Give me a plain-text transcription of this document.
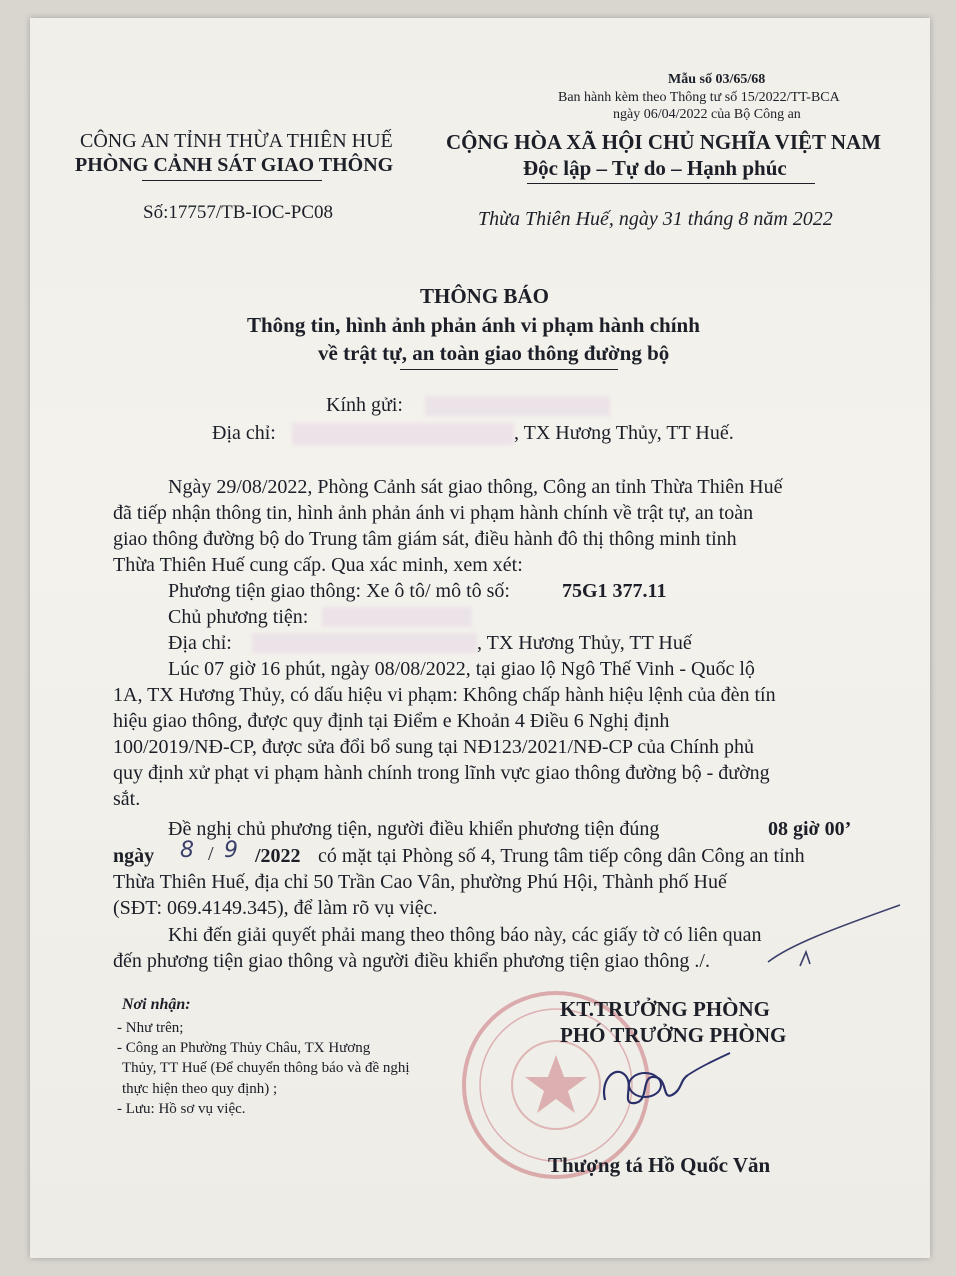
Mẫu số 03/65/68
Ban hành kèm theo Thông tư số 15/2022/TT-BCA
ngày 06/04/2022 của Bộ Công an
CÔNG AN TỈNH THỪA THIÊN HUẾ
PHÒNG CẢNH SÁT GIAO THÔNG
Số:17757/TB-IOC-PC08
CỘNG HÒA XÃ HỘI CHỦ NGHĨA VIỆT NAM
Độc lập – Tự do – Hạnh phúc
Thừa Thiên Huế, ngày 31 tháng 8 năm 2022
THÔNG BÁO
Thông tin, hình ảnh phản ánh vi phạm hành chính
về trật tự, an toàn giao thông đường bộ
Kính gửi:
Địa chỉ:	, TX Hương Thủy, TT Huế.
Ngày 29/08/2022, Phòng Cảnh sát giao thông, Công an tỉnh Thừa Thiên Huế
đã tiếp nhận thông tin, hình ảnh phản ánh vi phạm hành chính về trật tự, an toàn
giao thông đường bộ do Trung tâm giám sát, điều hành đô thị thông minh tỉnh
Thừa Thiên Huế cung cấp. Qua xác minh, xem xét:
Phương tiện giao thông: Xe ô tô/ mô tô số:	75G1 377.11
Chủ phương tiện:
Địa chỉ:	, TX Hương Thủy, TT Huế
Lúc 07 giờ 16 phút, ngày 08/08/2022, tại giao lộ Ngô Thế Vinh - Quốc lộ
1A, TX Hương Thủy, có dấu hiệu vi phạm: Không chấp hành hiệu lệnh của đèn tín
hiệu giao thông, được quy định tại Điểm e Khoản 4 Điều 6 Nghị định
100/2019/NĐ-CP, được sửa đổi bổ sung tại NĐ123/2021/NĐ-CP của Chính phủ
quy định xử phạt vi phạm hành chính trong lĩnh vực giao thông đường bộ - đường
sắt.
Đề nghị chủ phương tiện, người điều khiển phương tiện đúng	08 giờ 00’
ngày 8 / 9 /2022 có mặt tại Phòng số 4, Trung tâm tiếp công dân Công an tỉnh
Thừa Thiên Huế, địa chỉ 50 Trần Cao Vân, phường Phú Hội, Thành phố Huế
(SĐT: 069.4149.345), để làm rõ vụ việc.
Khi đến giải quyết phải mang theo thông báo này, các giấy tờ có liên quan
đến phương tiện giao thông và người điều khiển phương tiện giao thông ./.
Nơi nhận:
- Như trên;
- Công an Phường Thủy Châu, TX Hương
Thủy, TT Huế (Để chuyển thông báo và đề nghị
thực hiện theo quy định) ;
- Lưu: Hồ sơ vụ việc.
KT.TRƯỞNG PHÒNG
PHÓ TRƯỞNG PHÒNG
Thượng tá Hồ Quốc Văn
